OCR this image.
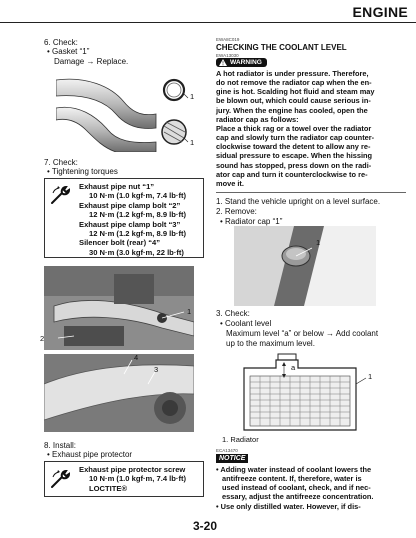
ENGINE
6. Check:
• Gasket “1”
Damage → Replace.
1
1
7. Check:
• Tightening torques
Exhaust pipe nut “1”
10 N·m (1.0 kgf·m, 7.4 lb·ft)
Exhaust pipe clamp bolt “2”
12 N·m (1.2 kgf·m, 8.9 lb·ft)
Exhaust pipe clamp bolt “3”
12 N·m (1.2 kgf·m, 8.9 lb·ft)
Silencer bolt (rear) “4”
30 N·m (3.0 kgf·m, 22 lb·ft)
1
2
4
3
8. Install:
• Exhaust pipe protector
Exhaust pipe protector screw
10 N·m (1.0 kgf·m, 7.4 lb·ft)
LOCTITE®
EWA8C019
CHECKING THE COOLANT LEVEL
EWA13030
WARNING
A hot radiator is under pressure. Therefore,
do not remove the radiator cap when the en-
gine is hot. Scalding hot fluid and steam may
be blown out, which could cause serious in-
jury. When the engine has cooled, open the
radiator cap as follows:
Place a thick rag or a towel over the radiator
cap and slowly turn the radiator cap counter-
clockwise toward the detent to allow any re-
sidual pressure to escape. When the hissing
sound has stopped, press down on the radi-
ator cap and turn it counterclockwise to re-
move it.
1. Stand the vehicle upright on a level surface.
2. Remove:
• Radiator cap “1”
1
3. Check:
• Coolant level
Maximum level “a” or below → Add coolant
up to the maximum level.
a
1
1. Radiator
ECA13470
NOTICE
• Adding water instead of coolant lowers the
antifreeze content. If, therefore, water is
used instead of coolant, check, and if nec-
essary, adjust the antifreeze concentration.
• Use only distilled water. However, if dis-
3-20
